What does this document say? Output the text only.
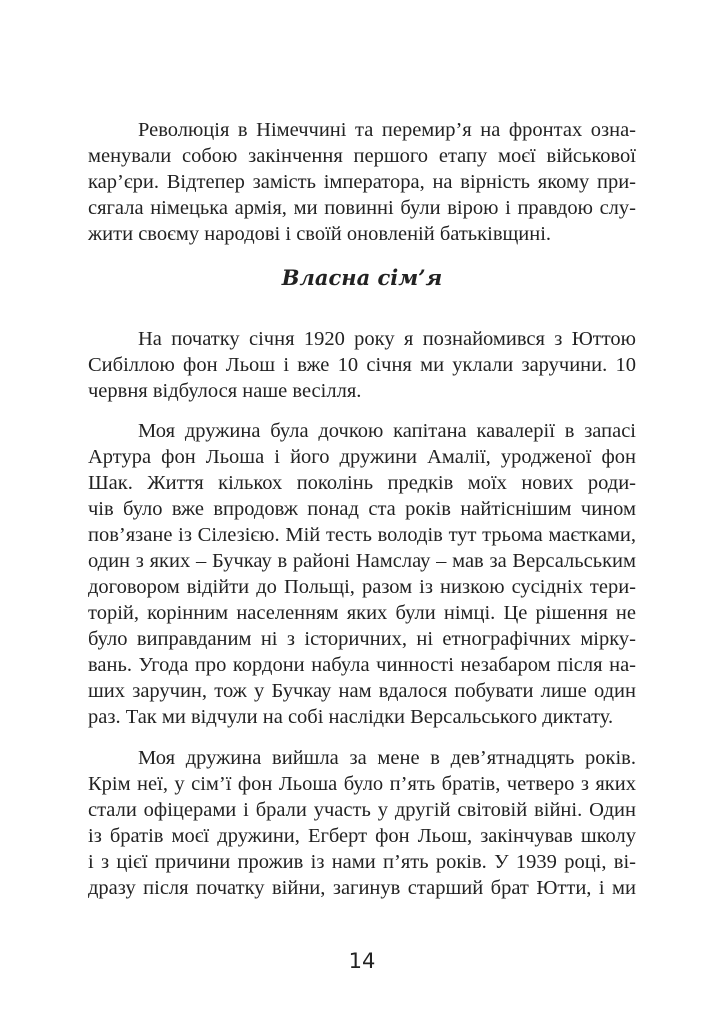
Революція в Німеччині та перемир’я на фронтах озна-
менували собою закінчення першого етапу моєї військової
кар’єри. Відтепер замість імператора, на вірність якому при-
сягала німецька армія, ми повинні були вірою і правдою слу-
жити своєму народові і своїй оновленій батьківщині.
Власна сім’я
На початку січня 1920 року я познайомився з Юттою
Сибіллою фон Льош і вже 10 січня ми уклали заручини. 10
червня відбулося наше весілля.
Моя дружина була дочкою капітана кавалерії в запасі
Артура фон Льоша і його дружини Амалії, уродженої фон
Шак. Життя кількох поколінь предків моїх нових роди-
чів було вже впродовж понад ста років найтіснішим чином
пов’язане із Сілезією. Мій тесть володів тут трьома маєтками,
один з яких – Бучкау в районі Намслау – мав за Версальським
договором відійти до Польщі, разом із низкою сусідніх тери-
торій, корінним населенням яких були німці. Це рішення не
було виправданим ні з історичних, ні етнографічних мірку-
вань. Угода про кордони набула чинності незабаром після на-
ших заручин, тож у Бучкау нам вдалося побувати лише один
раз. Так ми відчули на собі наслідки Версальського диктату.
Моя дружина вийшла за мене в дев’ятнадцять років.
Крім неї, у сім’ї фон Льоша було п’ять братів, четверо з яких
стали офіцерами і брали участь у другій світовій війні. Один
із братів моєї дружини, Егберт фон Льош, закінчував школу
і з цієї причини прожив із нами п’ять років. У 1939 році, ві-
дразу після початку війни, загинув старший брат Ютти, і ми
14
